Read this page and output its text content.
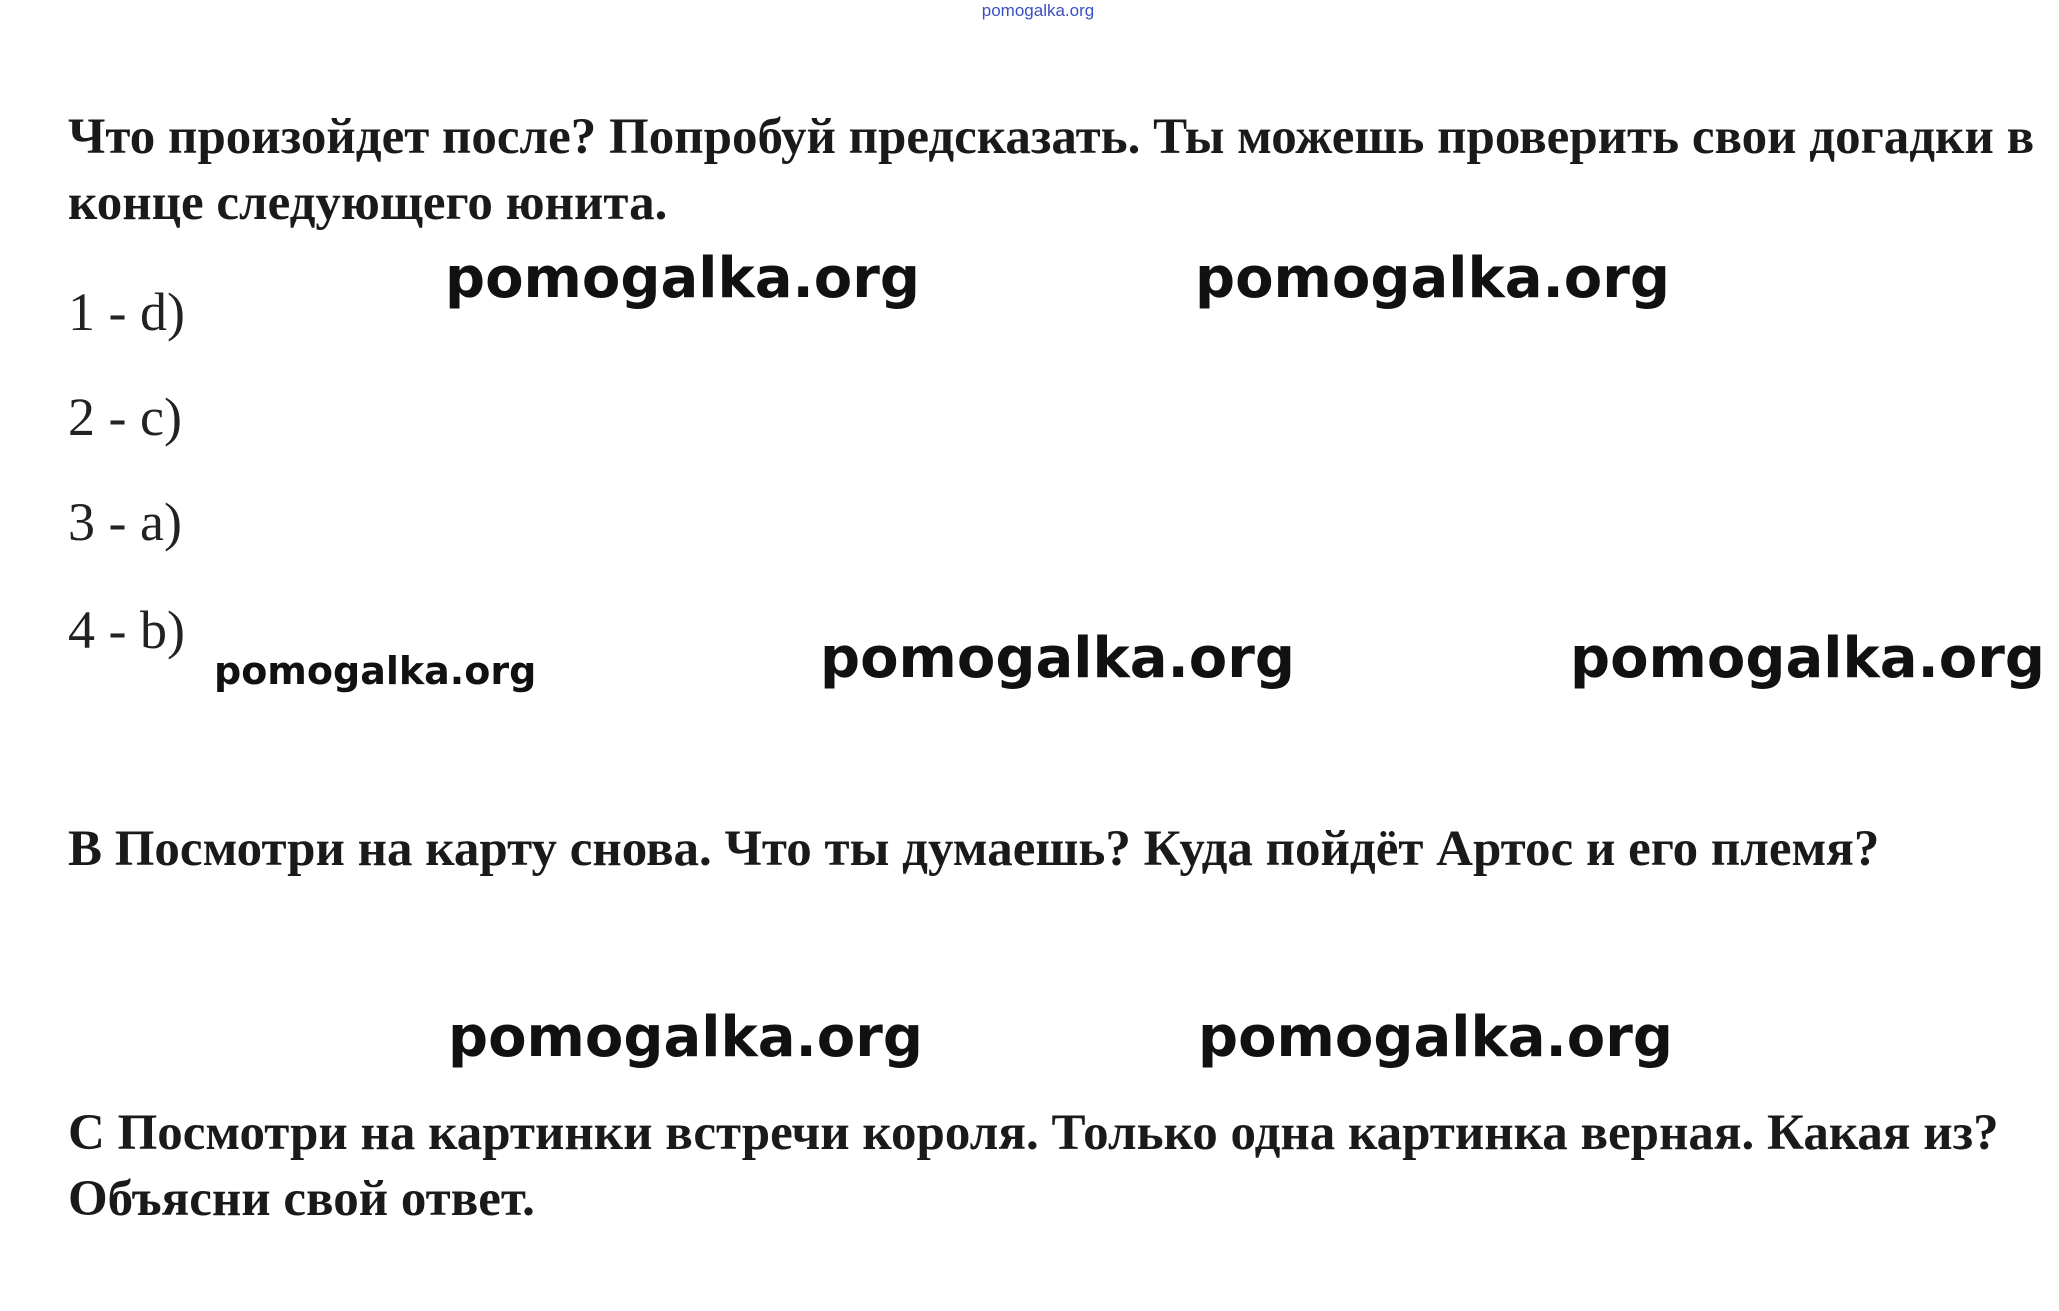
pomogalka.org
Что произойдет после? Попробуй предсказать. Ты можешь проверить свои догадки в конце следующего юнита.
1 - d)
2 - c)
3 - a)
4 - b)
B Посмотри на карту снова. Что ты думаешь? Куда пойдёт Артос и его племя?
C Посмотри на картинки встречи короля. Только одна картинка верная. Какая из? Объясни свой ответ.
pomogalka.org	pomogalka.org
pomogalka.org	pomogalka.org	pomogalka.org
pomogalka.org	pomogalka.org
